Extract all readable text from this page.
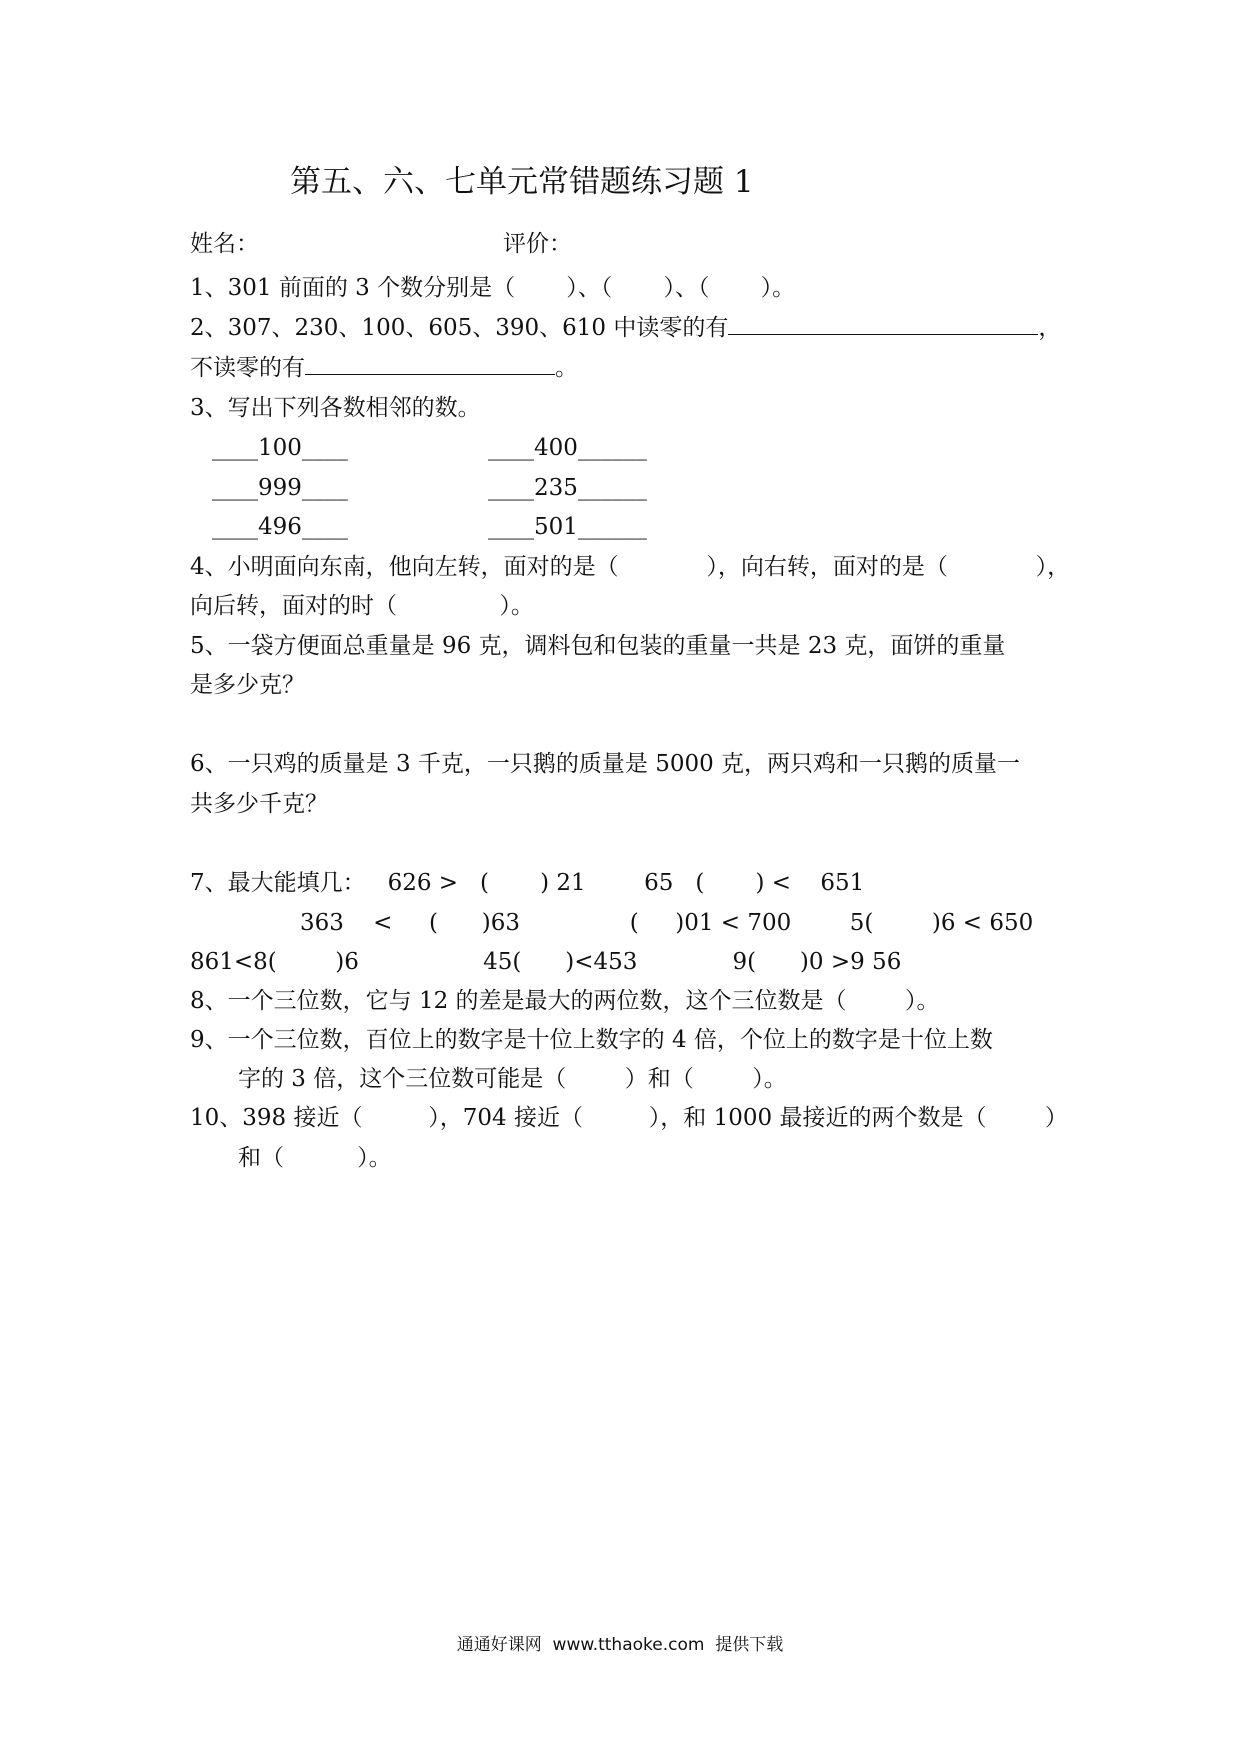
第五、六、七单元常错题练习题 1
姓名：	评价：
1、301 前面的 3 个数分别是（       ）、（       ）、（       ）。
2、307、230、100、605、390、610 中读零的有	，
不读零的有	。
3、写出下列各数相邻的数。
____100____	____400______
____999____	____235______
____496____	____501______
4、小明面向东南，他向左转，面对的是（            ），向右转，面对的是（            ），
向后转，面对的时（              ）。
5、一袋方便面总重量是 96 克，调料包和包装的重量一共是 23 克，面饼的重量
是多少克？
6、一只鸡的质量是 3 千克，一只鹅的质量是 5000 克，两只鸡和一只鹅的质量一
共多少千克？
7、最大能填几：   626 >   (       ) 21        65   (       ) <    651
363    <     (      )63               (     )01 < 700        5(        )6 < 650
861<8(        )6                 45(      )<453             9(      )0 >9 56
8、一个三位数，它与 12 的差是最大的两位数，这个三位数是（        ）。
9、一个三位数，百位上的数字是十位上数字的 4 倍，个位上的数字是十位上数
字的 3 倍，这个三位数可能是（        ）和（        ）。
10、398 接近（         ），704 接近（         ），和 1000 最接近的两个数是（        ）
和（          ）。
通通好课网  www.tthaoke.com  提供下载
